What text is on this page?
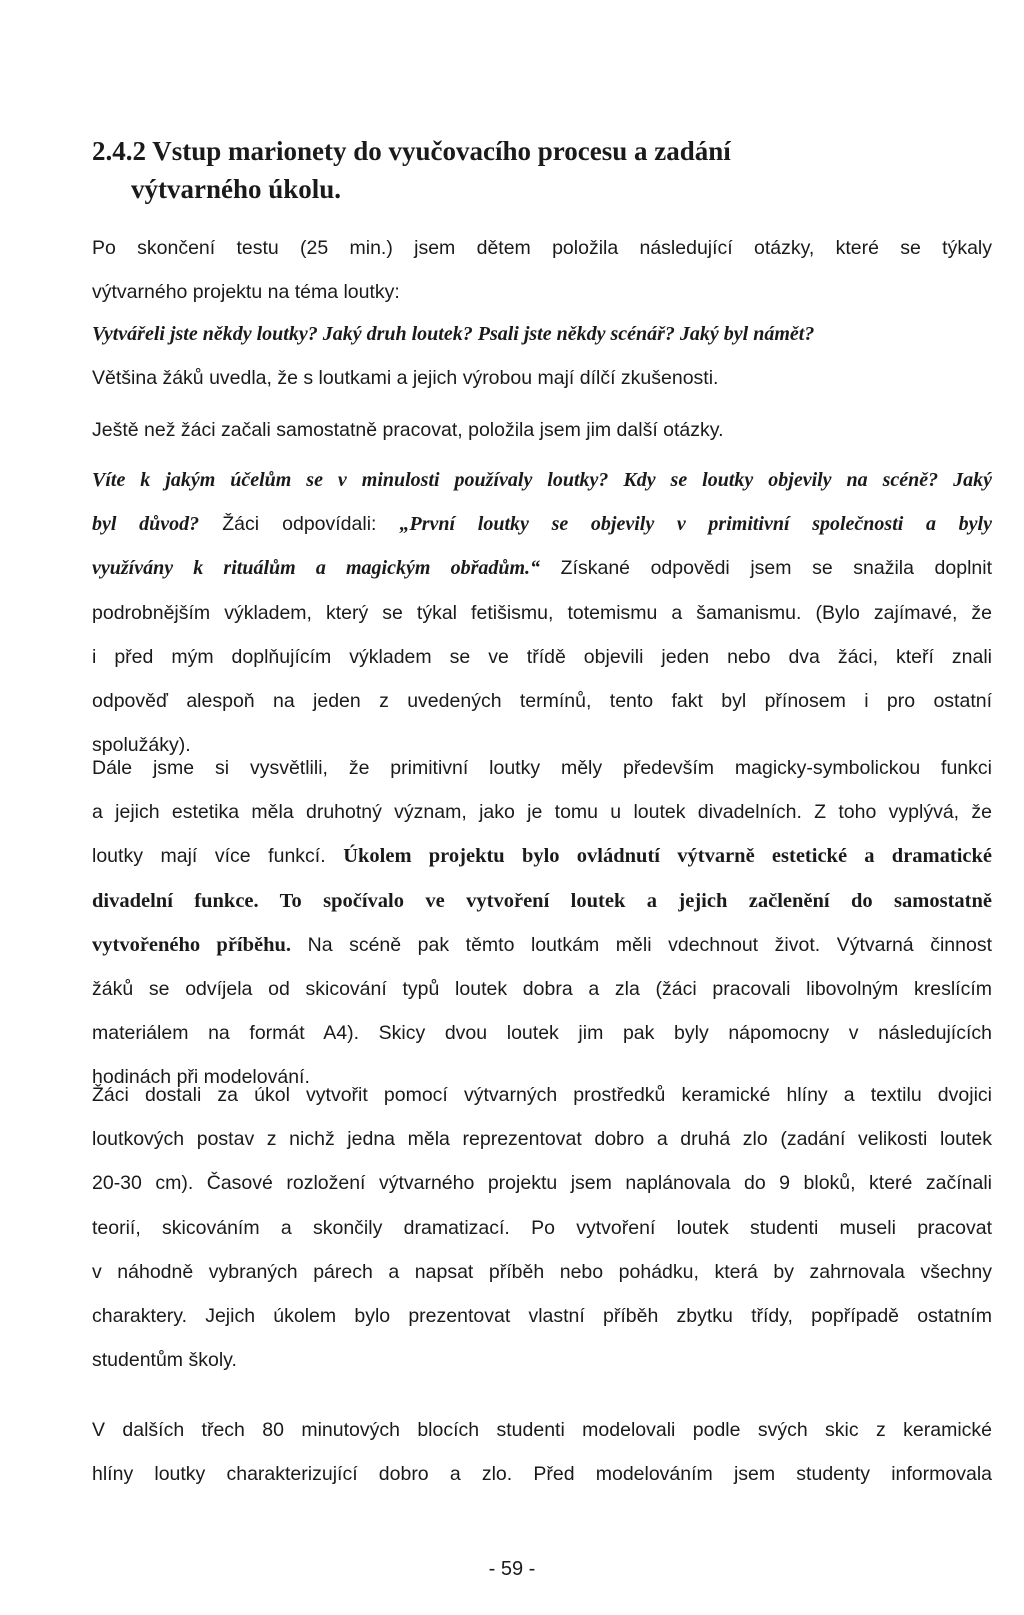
2.4.2 Vstup marionety do vyučovacího procesu a zadání
výtvarného úkolu.
Po skončení testu (25 min.) jsem dětem položila následující otázky, které se týkaly
výtvarného projektu na téma loutky:
Vytvářeli jste někdy loutky? Jaký druh loutek? Psali jste někdy scénář? Jaký byl námět?
Většina žáků uvedla, že s loutkami a jejich výrobou mají dílčí zkušenosti.
Ještě než žáci začali samostatně pracovat, položila jsem jim další otázky.
Víte k jakým účelům se v minulosti používaly loutky? Kdy se loutky objevily na scéně? Jaký
byl důvod? Žáci odpovídali: „První loutky se objevily v primitivní společnosti a byly
využívány k rituálům a magickým obřadům.“ Získané odpovědi jsem se snažila doplnit
podrobnějším výkladem, který se týkal fetišismu, totemismu a šamanismu. (Bylo zajímavé, že
i před mým doplňujícím výkladem se ve třídě objevili jeden nebo dva žáci, kteří znali
odpověď alespoň na jeden z uvedených termínů, tento fakt byl přínosem i pro ostatní
spolužáky).
Dále jsme si vysvětlili, že primitivní loutky měly především magicky-symbolickou funkci
a jejich estetika měla druhotný význam, jako je tomu u loutek divadelních. Z toho vyplývá, že
loutky mají více funkcí. Úkolem projektu bylo ovládnutí výtvarně estetické a dramatické
divadelní funkce. To spočívalo ve vytvoření loutek a jejich začlenění do samostatně
vytvořeného příběhu. Na scéně pak těmto loutkám měli vdechnout život. Výtvarná činnost
žáků se odvíjela od skicování typů loutek dobra a zla (žáci pracovali libovolným kreslícím
materiálem na formát A4). Skicy dvou loutek jim pak byly nápomocny v následujících
hodinách při modelování.
Žáci dostali za úkol vytvořit pomocí výtvarných prostředků keramické hlíny a textilu dvojici
loutkových postav z nichž jedna měla reprezentovat dobro a druhá zlo (zadání velikosti loutek
20-30 cm). Časové rozložení výtvarného projektu jsem naplánovala do 9 bloků, které začínali
teorií, skicováním a skončily dramatizací. Po vytvoření loutek studenti museli pracovat
v náhodně vybraných párech a napsat příběh nebo pohádku, která by zahrnovala všechny
charaktery. Jejich úkolem bylo prezentovat vlastní příběh zbytku třídy, popřípadě ostatním
studentům školy.
V dalších třech 80 minutových blocích studenti modelovali podle svých skic z keramické
hlíny loutky charakterizující dobro a zlo. Před modelováním jsem studenty informovala
- 59 -
